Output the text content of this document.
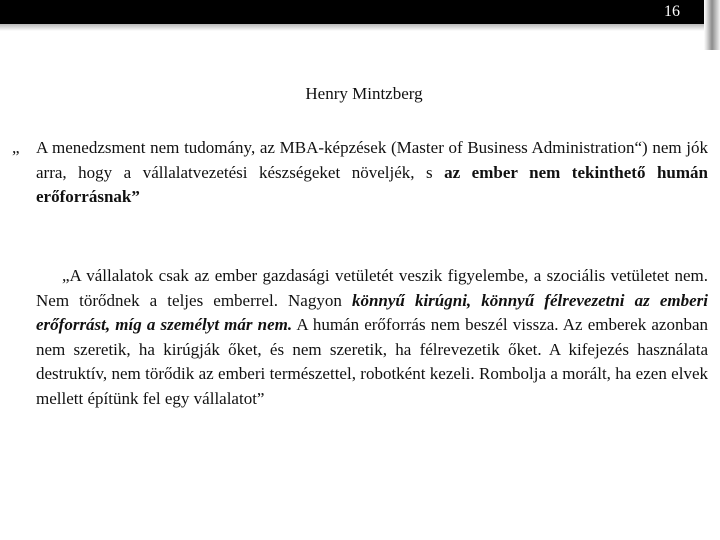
16
Henry Mintzberg
„ A menedzsment nem tudomány, az MBA-képzések (Master of Business Administration“) nem jók arra, hogy a vállalatvezetési készségeket növeljék, s az ember nem tekinthető humán erőforrásnak”
„A vállalatok csak az ember gazdasági vetületét veszik figyelembe, a szociális vetületet nem. Nem törődnek a teljes emberrel. Nagyon könnyű kirúgni, könnyű félrevezetni az emberi erőforrást, míg a személyt már nem. A humán erőforrás nem beszél vissza. Az emberek azonban nem szeretik, ha kirúgják őket, és nem szeretik, ha félrevezetik őket. A kifejezés használata destruktív, nem törődik az emberi természettel, robotként kezeli. Rombolja a morált, ha ezen elvek mellett építünk fel egy vállalatot”
